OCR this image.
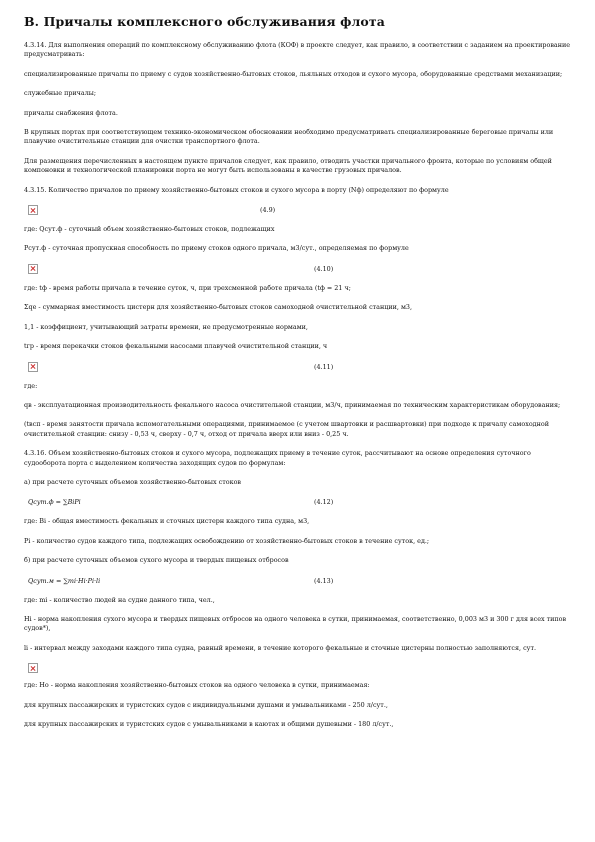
В. Причалы комплексного обслуживания флота

4.3.14. Для выполнения операций по комплексному обслуживанию флота (КОФ) в проекте следует, как правило, в соответствии с заданием на проектирование предусматривать:

специализированные причалы по приему с судов хозяйственно-бытовых стоков, льяльных отходов и сухого мусора, оборудованные средствами механизации;

служебные причалы;

причалы снабжения флота.

В крупных портах при соответствующем технико-экономическом обосновании необходимо предусматривать специализированные береговые причалы или плавучие очистительные станции для очистки транспортного флота.

Для размещения перечисленных в настоящем пункте причалов следует, как правило, отводить участки причального фронта, которые по условиям общей компоновки и технологической планировки порта не могут быть использованы в качестве грузовых причалов.

4.3.15. Количество причалов по приему хозяйственно-бытовых стоков и сухого мусора в порту (Nф) определяют по формуле

(4.9)

где: Qсут.ф - суточный объем хозяйственно-бытовых стоков, подлежащих

Pсут.ф - суточная пропускная способность по приему стоков одного причала, м3/сут., определяемая по формуле

(4.10)

где: tф - время работы причала в течение суток, ч, при трехсменной работе причала (tф = 21 ч;

Σqе - суммарная вместимость цистерн для хозяйственно-бытовых стоков самоходной очистительной станции, м3,

1,1 - коэффициент, учитывающий затраты времени, не предусмотренные нормами,

tгр - время перекачки стоков фекальными насосами плавучей очистительной станции, ч

(4.11)

где:

qв - эксплуатационная производительность фекального насоса очистительной станции, м3/ч, принимаемая по техническим характеристикам оборудования;

(tвсп - время занятости причала вспомогательными операциями, принимаемое (с учетом швартовки и расшвартовки) при подходе к причалу самоходной очистительной станции: снизу - 0,53 ч, сверху - 0,7 ч, отход от причала вверх или вниз - 0,25 ч.

4.3.16. Объем хозяйственно-бытовых стоков и сухого мусора, подлежащих приему в течение суток, рассчитывают на основе определения суточного судооборота порта с выделением количества заходящих судов по формулам:

а) при расчете суточных объемов хозяйственно-бытовых стоков

Qсут.ф = ∑BiPi	(4.12)

где: Bi - общая вместимость фекальных и сточных цистерн каждого типа судна, м3,

Pi - количество судов каждого типа, подлежащих освобождению от хозяйственно-бытовых стоков в течение суток, ед.;

б) при расчете суточных объемов сухого мусора и твердых пищевых отбросов

Qсут.м = ∑mi·Hi·Pi·li	(4.13)

где: mi - количество людей на судне данного типа, чел.,

Hi - норма накопления сухого мусора и твердых пищевых отбросов на одного человека в сутки, принимаемая, соответственно, 0,003 м3 и 300 г для всех типов судов*),

li - интервал между заходами каждого типа судна, равный времени, в течение которого фекальные и сточные цистерны полностью заполняются, сут.

где: Hо - норма накопления хозяйственно-бытовых стоков на одного человека в сутки, принимаемая:

для крупных пассажирских и туристских судов с индивидуальными душами и умывальниками - 250 л/сут.,

для крупных пассажирских и туристских судов с умывальниками в каютах и общими душевыми - 180 л/сут.,
